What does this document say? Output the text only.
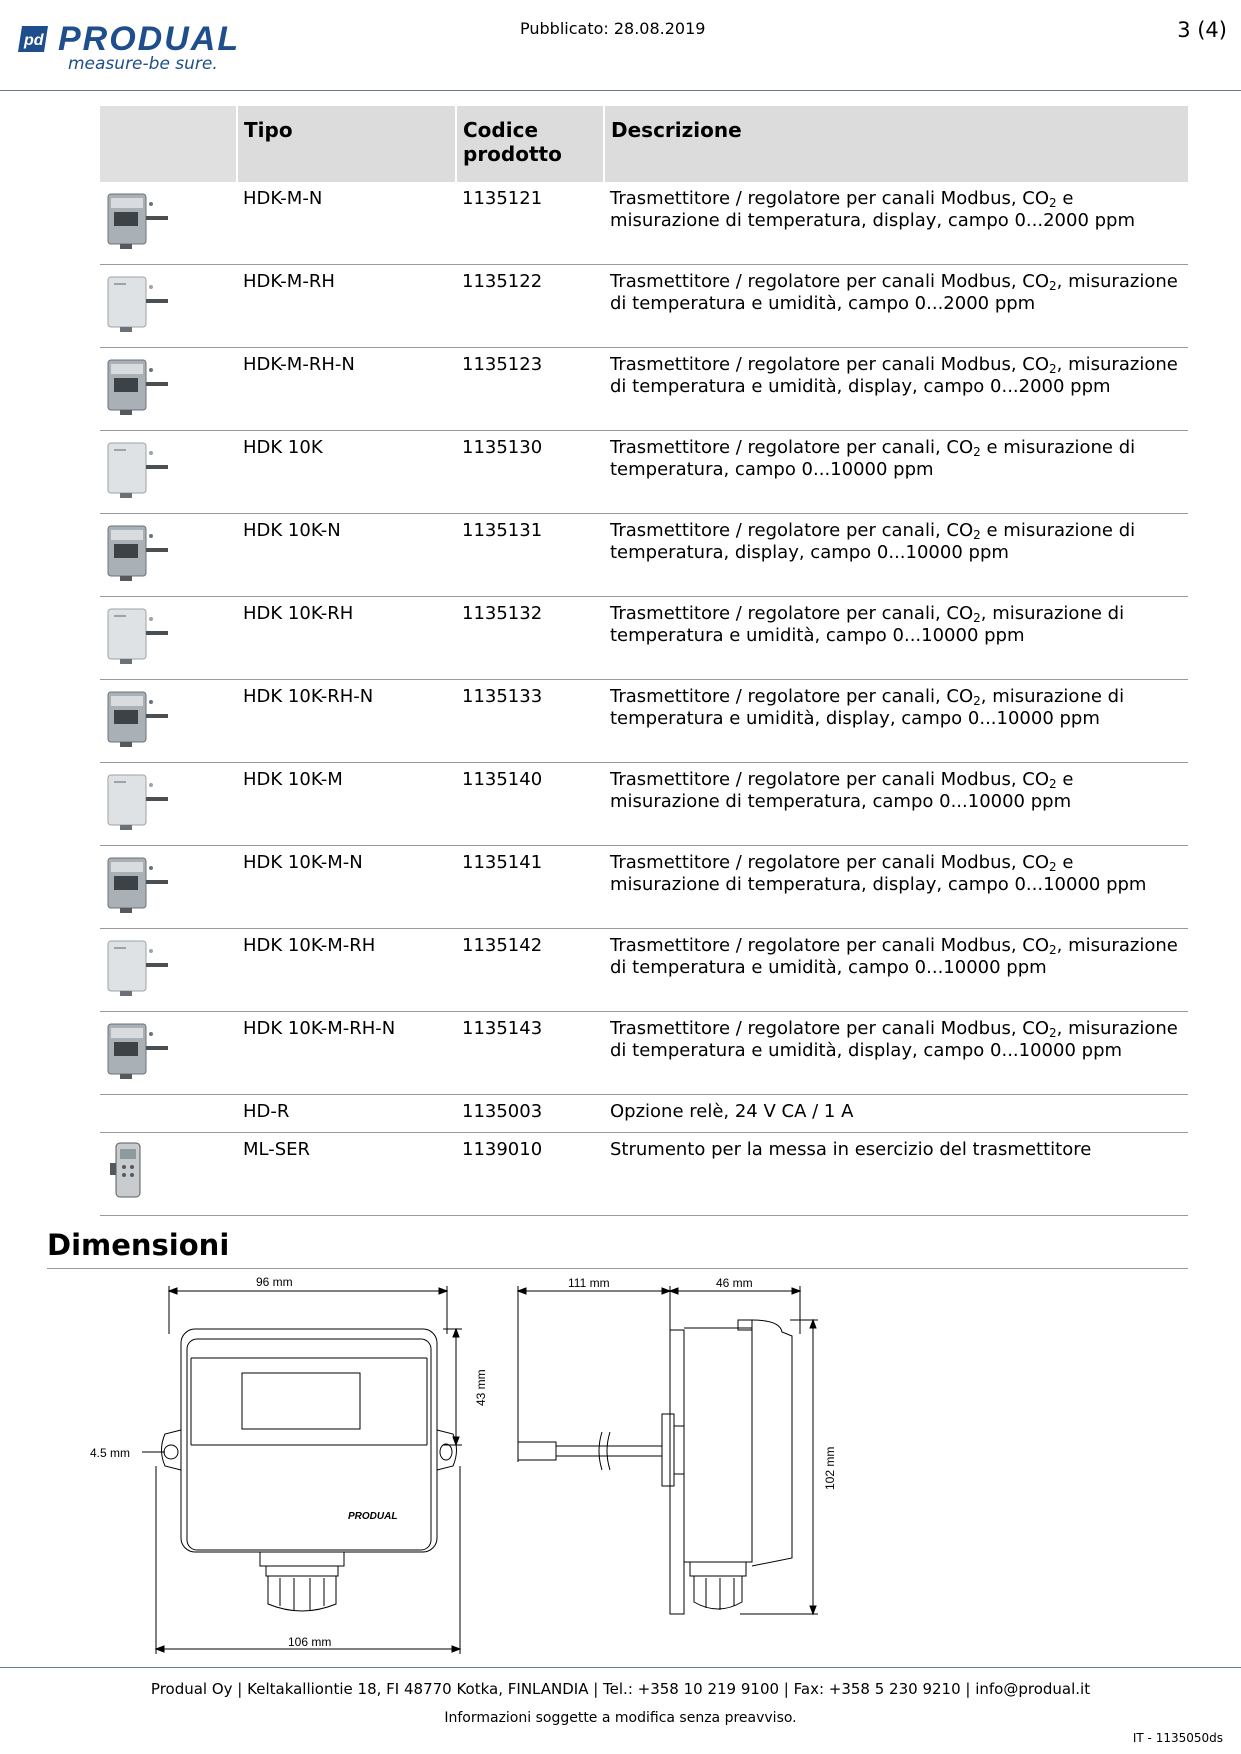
pd PRODUAL
measure-be sure.
Pubblicato: 28.08.2019	3 (4)
	Tipo	Codice prodotto	Descrizione
	HDK-M-N	1135121	Trasmettitore / regolatore per canali Modbus, $CO_2$ e misurazione di temperatura, display, campo 0...2000 ppm
	HDK-M-RH	1135122	Trasmettitore / regolatore per canali Modbus, $CO_2$, misurazione di temperatura e umidità, campo 0...2000 ppm
	HDK-M-RH-N	1135123	Trasmettitore / regolatore per canali Modbus, $CO_2$, misurazione di temperatura e umidità, display, campo 0...2000 ppm
	HDK 10K	1135130	Trasmettitore / regolatore per canali, $CO_2$ e misurazione di temperatura, campo 0...10000 ppm
	HDK 10K-N	1135131	Trasmettitore / regolatore per canali, $CO_2$ e misurazione di temperatura, display, campo 0...10000 ppm
	HDK 10K-RH	1135132	Trasmettitore / regolatore per canali, $CO_2$, misurazione di temperatura e umidità, campo 0...10000 ppm
	HDK 10K-RH-N	1135133	Trasmettitore / regolatore per canali, $CO_2$, misurazione di temperatura e umidità, display, campo 0...10000 ppm
	HDK 10K-M	1135140	Trasmettitore / regolatore per canali Modbus, $CO_2$ e misurazione di temperatura, campo 0...10000 ppm
	HDK 10K-M-N	1135141	Trasmettitore / regolatore per canali Modbus, $CO_2$ e misurazione di temperatura, display, campo 0...10000 ppm
	HDK 10K-M-RH	1135142	Trasmettitore / regolatore per canali Modbus, $CO_2$, misurazione di temperatura e umidità, campo 0...10000 ppm
	HDK 10K-M-RH-N	1135143	Trasmettitore / regolatore per canali Modbus, $CO_2$, misurazione di temperatura e umidità, display, campo 0...10000 ppm
	HD-R	1135003	Opzione relè, 24 V CA / 1 A
	ML-SER	1139010	Strumento per la messa in esercizio del trasmettitore
Dimensioni
96 mm
4.5 mm
43 mm
106 mm
111 mm	46 mm
102 mm
PRODUAL
Produal Oy | Keltakalliontie 18, FI 48770 Kotka, FINLANDIA | Tel.: +358 10 219 9100 | Fax: +358 5 230 9210 | info@produal.it
Informazioni soggette a modifica senza preavviso.
IT - 1135050ds
